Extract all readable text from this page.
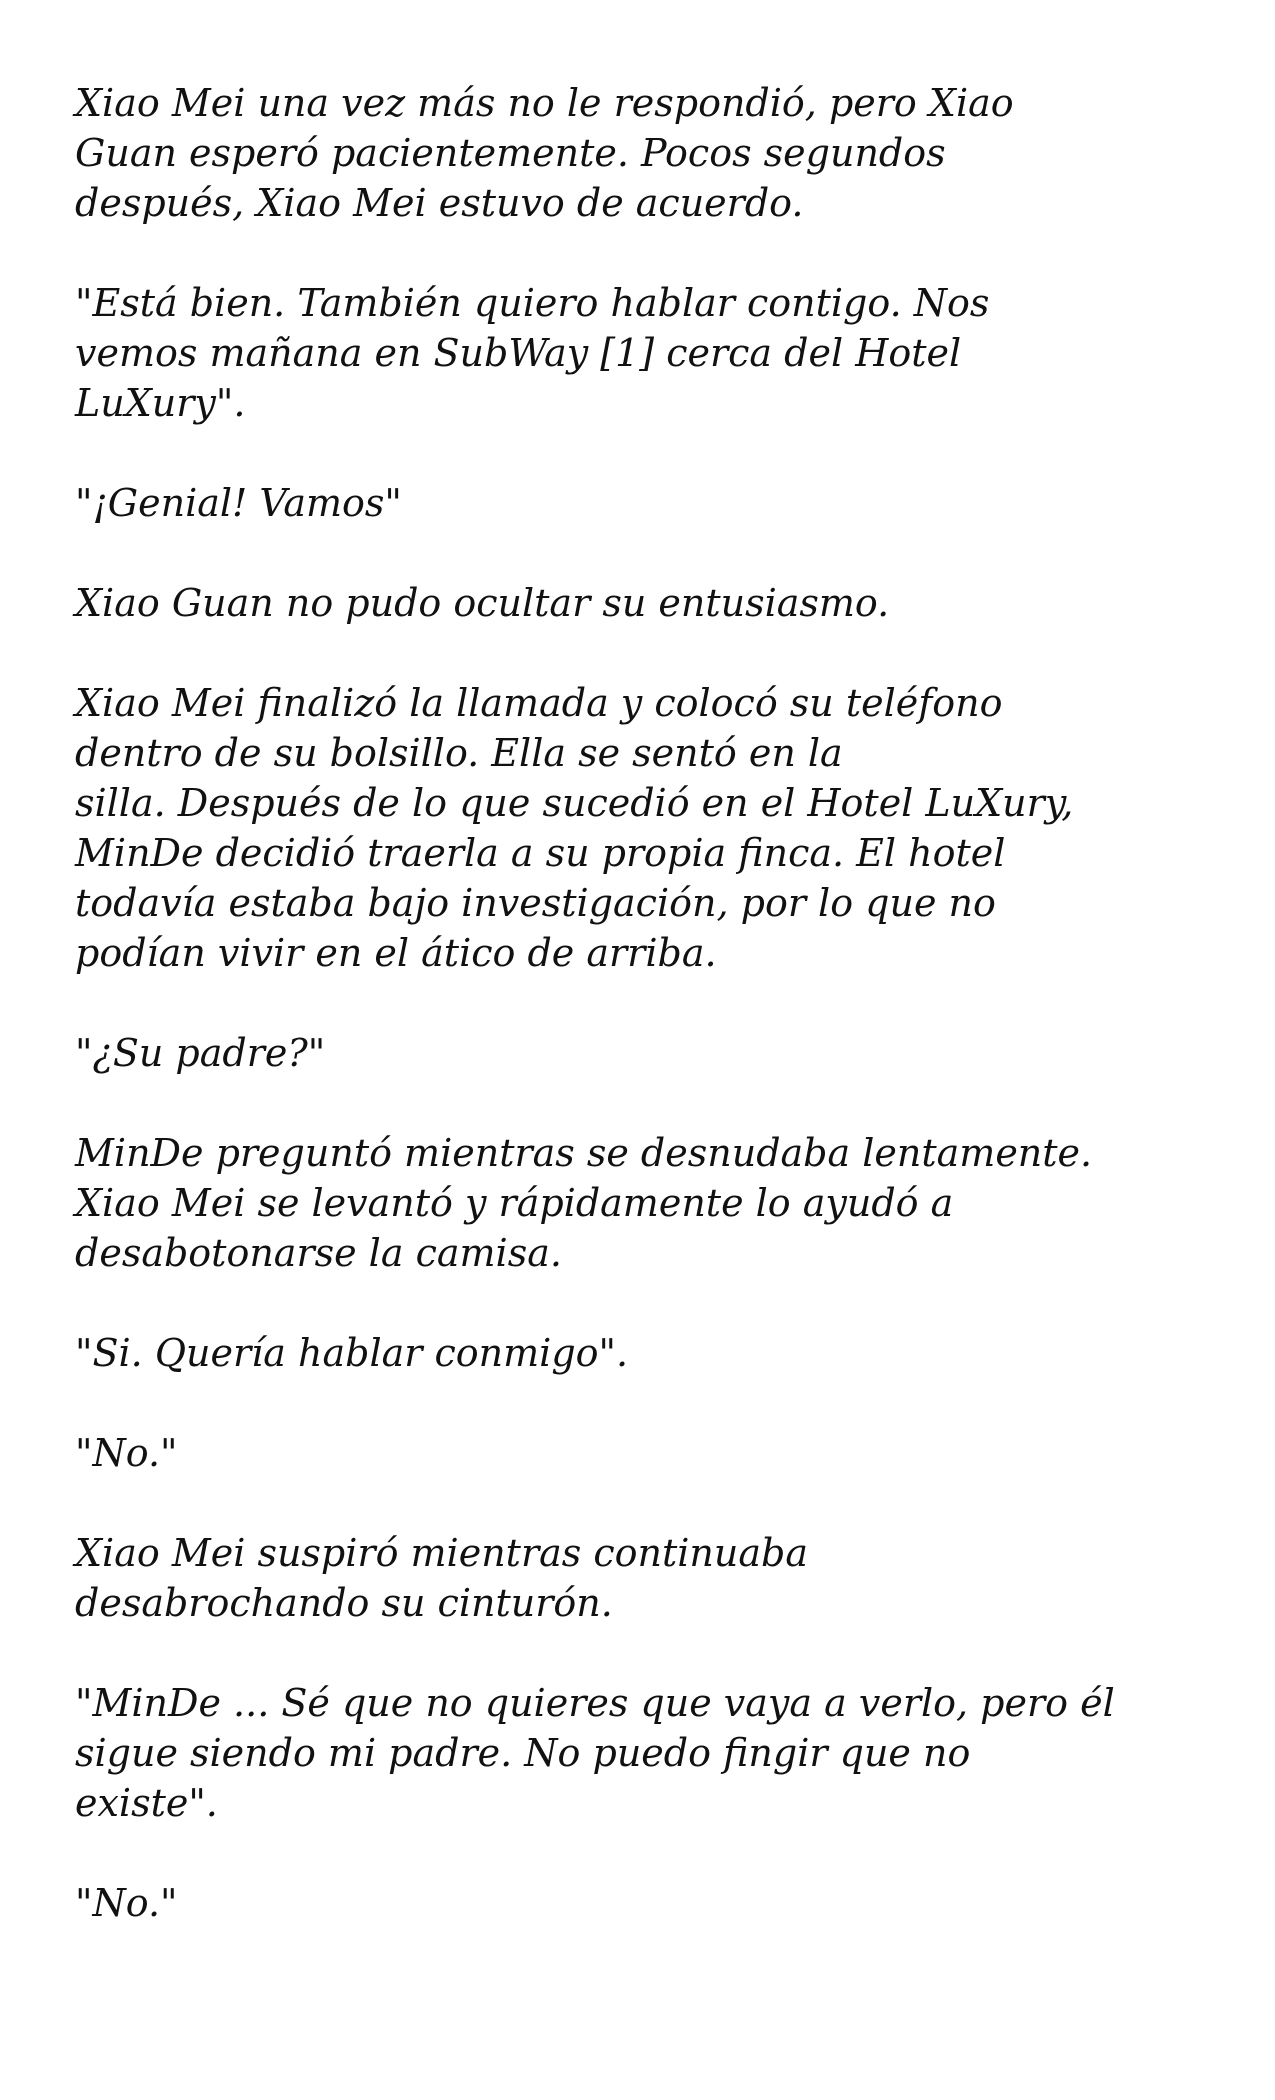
Xiao Mei una vez más no le respondió, pero Xiao
Guan esperó pacientemente. Pocos segundos
después, Xiao Mei estuvo de acuerdo.

"Está bien. También quiero hablar contigo. Nos
vemos mañana en SubWay [1] cerca del Hotel
LuXury".

"¡Genial! Vamos"

Xiao Guan no pudo ocultar su entusiasmo.

Xiao Mei finalizó la llamada y colocó su teléfono
dentro de su bolsillo. Ella se sentó en la
silla. Después de lo que sucedió en el Hotel LuXury,
MinDe decidió traerla a su propia finca. El hotel
todavía estaba bajo investigación, por lo que no
podían vivir en el ático de arriba.

"¿Su padre?"

MinDe preguntó mientras se desnudaba lentamente.
Xiao Mei se levantó y rápidamente lo ayudó a
desabotonarse la camisa.

"Si. Quería hablar conmigo".

"No."

Xiao Mei suspiró mientras continuaba
desabrochando su cinturón.

"MinDe ... Sé que no quieres que vaya a verlo, pero él
sigue siendo mi padre. No puedo fingir que no
existe".

"No."
